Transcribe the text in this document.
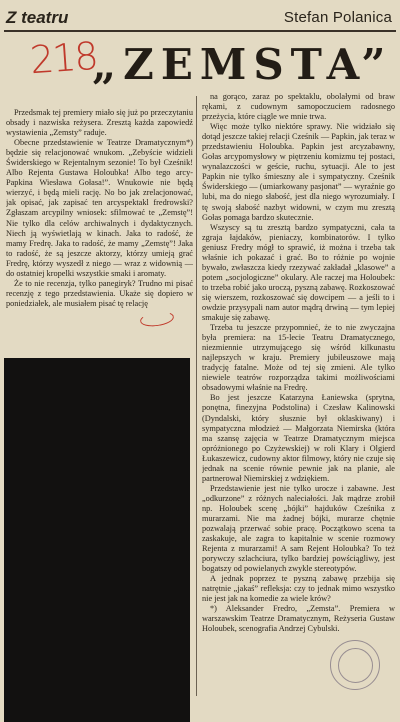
Z teatru	Stefan Polanica
218
„ZEMSTA”

Przedsmak tej premiery miało się już po przeczytaniu obsady i nazwiska reżysera. Zresztą każda zapowiedź wystawienia „Zemsty” raduje.

Obecne przedstawienie w Teatrze Dramatycznym*) będzie się relacjonować wnukom. „Zebyście widzieli Świderskiego w Rejentalnym sezonie! To był Cześnik! Albo Rejenta Gustawa Holoubka! Albo tego arcy-Papkina Wiesława Gołasa!”. Wnukowie nie będą wierzyć, i będą mieli rację. No bo jak zrelacjonować, jak opisać, jak zapisać ten arcyspektakl fredrowski? Zgłaszam arcypilny wniosek: sfilmować te „Zemstę”! Nie tylko dla celów archiwalnych i dydaktycznych. Niech ją wyświetlają w kinach. Jaka to radość, że mamy Fredrę. Jaka to radość, że mamy „Zemstę”! Jaka to radość, że są jeszcze aktorzy, którzy umieją grać Fredrę, którzy wyszedł z niego — wraz z widownią — do ostatniej kropelki wszystkie smaki i aromaty.

Że to nie recenzja, tylko panegiryk? Trudno mi pisać recenzję z tego przedstawienia. Ukaże się dopiero w poniedziałek, ale musiałem pisać tę relację

na gorąco, zaraz po spektaklu, obolałymi od braw rękami, z cudownym samopoczuciem radosnego przeżycia, które ciągle we mnie trwa.

Więc może tylko niektóre sprawy. Nie widziało się dotąd jeszcze takiej relacji Cześnik — Papkin, jak teraz w przedstawieniu Holoubka. Papkin jest arcyzabawny, Gołas arcypomysłowy w piętrzeniu komizmu tej postaci, wynalazczości w geście, ruchu, sytuacji. Ale to jest Papkin nie tylko śmieszny ale i sympatyczny. Cześnik Świderskiego — (umiarkowany pasjonat” — wyraźnie go lubi, ma do niego słabość, jest dla niego wyrozumiały. I tę swoją słabość nazbyt widowni, w czym mu zresztą Gołas pomaga bardzo skutecznie.

Wszyscy są tu zresztą bardzo sympatyczni, cała ta zgraja łajdaków, pieniaczy, kombinatorów. I tylko geniusz Fredry mógł to sprawić, iż można i trzeba tak właśnie ich pokazać i grać. Bo to różnie po wojnie bywało, zwłaszcza kiedy rzezywać zakładał „klasowe” a potem „socjologiczne” okulary. Ale raczej ma Holoubek: to trzeba robić jako uroczą, pyszną zabawę. Rozkoszować się wierszem, rozkoszować się dowcipem — a jeśli to i owdzie przysypali nam autor mądrą drwiną — tym lepiej smakuje się zabawę.

Trzeba tu jeszcze przypomnieć, że to nie zwyczajna była premiera: na 15-lecie Teatru Dramatycznego, niezmiennie utrzymującego się wśród kilkunastu najlepszych w kraju. Premiery jubileuszowe mają tradycję fatalne. Może od tej się zmieni. Ale tylko niewiele teatrów rozporządza takimi możliwościami obsadowymi właśnie na Fredrę.

Bo jest jeszcze Katarzyna Łaniewska (sprytna, ponętna, finezyjna Podstolina) i Czesław Kalinowski (Dyndalski, który słusznie był oklaskiwany) i sympatyczna młodzież — Małgorzata Niemirska (która ma szansę zajęcia w Teatrze Dramatycznym miejsca opróżnionego po Czyżewskiej) w roli Klary i Olgierd Łukaszewicz, cudowny aktor filmowy, który nie czuje się jednak na scenie równie pewnie jak na planie, ale partnerował Niemirskiej z wdziękiem.

Przedstawienie jest nie tylko urocze i zabawne. Jest „odkurzone” z różnych naleciałości. Jak mądrze zrobił np. Holoubek scenę „bójki” hajduków Cześnika z murarzami. Nie ma żadnej bójki, murarze chętnie pozwalają przerwać sobie pracę. Początkowo scena ta zaskakuje, ale zagra to kapitalnie w scenie rozmowy Rejenta z murarzami! A sam Rejent Holoubka? To też porywczy szlachciura, tylko bardziej powściągliwy, jest bogatszy od powielanych zwykle stereotypów.

A jednak poprzez te pyszną zabawę przebija się natrętnie „jakaś” refleksja: czy to jednak mimo wszystko nie jest jak na komedie za wiele krów?

*) Aleksander Fredro, „Zemsta”. Premiera w warszawskim Teatrze Dramatycznym, Reżyseria Gustaw Holoubek, scenografia Andrzej Cybulski.
